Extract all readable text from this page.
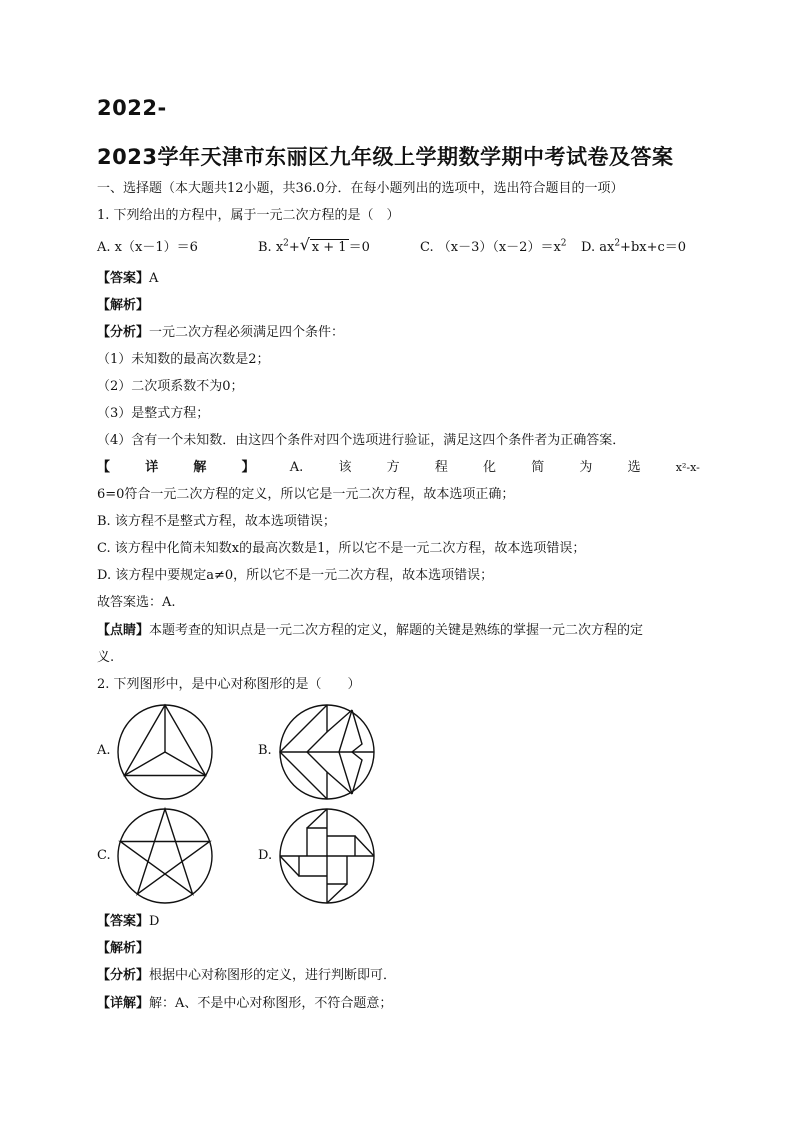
2022-
2023学年天津市东丽区九年级上学期数学期中考试卷及答案
一、选择题（本大题共12小题，共36.0分．在每小题列出的选项中，选出符合题目的一项）
1. 下列给出的方程中，属于一元二次方程的是（　）
A. x（x－1）＝6	B. $x^2+$ √ x + 1 ＝0	C. $(x-3)(x-2)=x^2$ D. $ax^2+bx+c=0$
【答案】A
【解析】
【分析】一元二次方程必须满足四个条件：
（1）未知数的最高次数是2；
（2）二次项系数不为0；
（3）是整式方程；
（4）含有一个未知数．由这四个条件对四个选项进行验证，满足这四个条件者为正确答案．
【	详	解	】	A.	该	方	程	化	简	为	选	x²-x-
6=0符合一元二次方程的定义，所以它是一元二次方程，故本选项正确；
B. 该方程不是整式方程，故本选项错误；
C. 该方程中化简未知数x的最高次数是1，所以它不是一元二次方程，故本选项错误；
D. 该方程中要规定a≠0，所以它不是一元二次方程，故本选项错误；
故答案选：A.
【点睛】本题考查的知识点是一元二次方程的定义，解题的关键是熟练的掌握一元二次方程的定
义.
2. 下列图形中，是中心对称图形的是（　　）
A.	B.
C.	D.
【答案】D
【解析】
【分析】根据中心对称图形的定义，进行判断即可．
【详解】解：A、不是中心对称图形，不符合题意；
